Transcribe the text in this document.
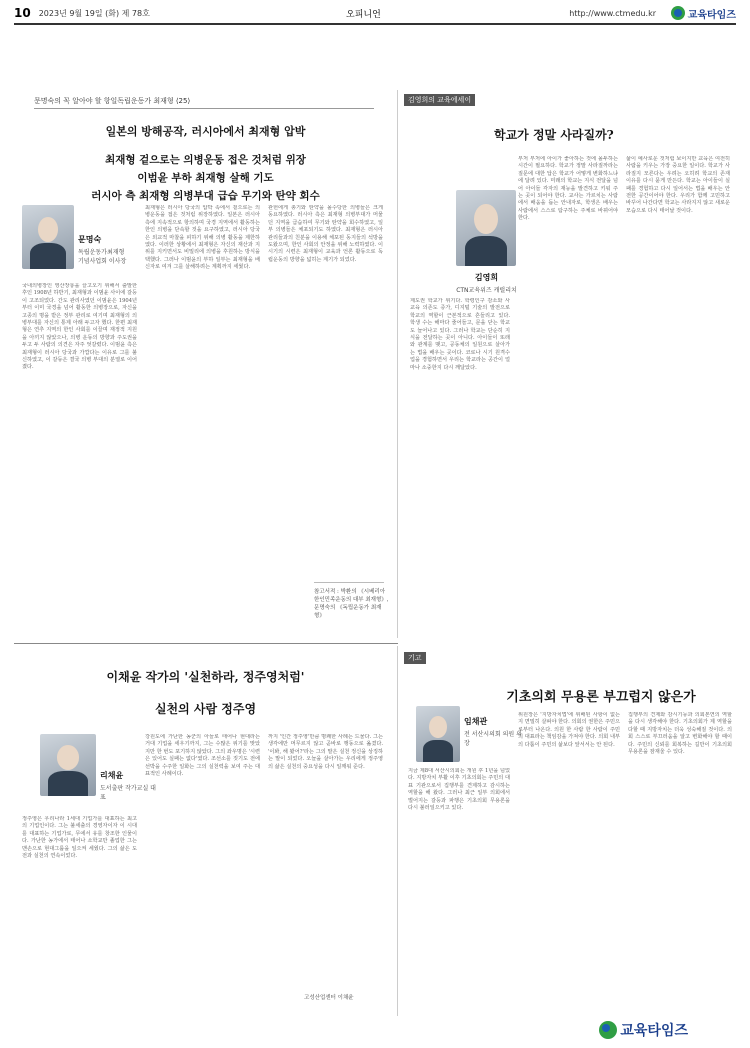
10 2023년 9월 19일 (화) 제 78호	오피니언	http://www.ctmedu.kr	교육타임즈
문명숙의 꼭 알아야 할 항일독립운동가 최재형 ⟨25⟩
일본의 방해공작, 러시아에서 최재형 압박
최재형 겉으로는 의병운동 접은 것처럼 위장
이범윤 부하 최재형 살해 기도
러시아 측 최재형 의병부대 급습 무기와 탄약 회수
문명숙
독립운동가최재형
기념사업회 이사장
국내의병장인 영산장룡을 끌고오기 위해서 출발한 후인 1908년 하반기, 최재형과 이범윤 사이에 갈등이 고조되었다. 간도 관리사였던 이범윤은 1904년 부터 이미 국경을 넘어 활동한 의병장으로, 자신을 고종의 명을 받은 정부 관리로 여기며 최재형의 의병부대를 자신의 통제 아래 두고자 했다. 한편 최재형은 연추 지역의 한인 사회를 이끌며 재정적 지원을 아끼지 않았으나, 의병 운동의 방향과 주도권을 두고 두 사람의 의견은 자주 엇갈렸다. 이범윤 측은 최재형이 러시아 당국과 가깝다는 이유로 그를 불신하였고, 이 갈등은 결국 의병 부대의 분열로 이어졌다.
최재형은 러시아 당국의 압박 속에서 겉으로는 의병운동을 접은 것처럼 위장하였다. 일본은 러시아 측에 지속적으로 항의하며 국경 지역에서 활동하는 한인 의병을 단속할 것을 요구하였고, 러시아 당국은 외교적 마찰을 피하기 위해 의병 활동을 제한하였다. 이러한 상황에서 최재형은 자신의 재산과 지위를 지키면서도 비밀리에 의병을 후원하는 방식을 택했다. 그러나 이범윤의 부하 일부는 최재형을 배신자로 여겨 그를 살해하려는 계획까지 세웠다.
관헌에게 총기와 탄약을 몰수당한 의병들은 크게 동요하였다. 러시아 측은 최재형 의병부대가 머물던 지역을 급습하여 무기와 탄약을 회수하였고, 일부 의병들은 체포되기도 하였다. 최재형은 러시아 관리들과의 친분을 이용해 체포된 동지들의 석방을 도왔으며, 한인 사회의 안정을 위해 노력하였다. 이 시기의 시련은 최재형이 교육과 언론 활동으로 독립운동의 방향을 넓히는 계기가 되었다.
참고서적 : 박환의 《시베리아 한인민족운동의 대부 최재형》, 문명숙의 《독립운동가 최재형》
김영희의 교육에세이
학교가 정말 사라질까?
김영희
CTN교육위즈 캐럴리치
제도권 학교가 위기다. 학령인구 감소와 사교육 의존도 증가, 디지털 기술의 발전으로 학교의 역할이 근본적으로 흔들리고 있다. 학생 수는 해마다 줄어들고, 문을 닫는 학교도 늘어나고 있다. 그러나 학교는 단순히 지식을 전달하는 곳이 아니다. 아이들이 또래와 관계를 맺고, 공동체의 일원으로 살아가는 법을 배우는 곳이다. 코로나 시기 원격수업을 경험하면서 우리는 학교라는 공간이 얼마나 소중한지 다시 깨달았다.
부처 부처에 아이가 좋아하는 것에 몰두하는 시간이 필요하다. 학교가 정말 사라질까라는 질문에 대한 답은 학교가 어떻게 변화하느냐에 달려 있다. 미래의 학교는 지식 전달을 넘어 아이들 각자의 재능을 발견하고 키워 주는 곳이 되어야 한다. 교사는 가르치는 사람에서 배움을 돕는 안내자로, 학생은 배우는 사람에서 스스로 탐구하는 주체로 바뀌어야 한다.
삶이 예사로운 것처럼 보이지만 교육은 여전히 사람을 키우는 가장 중요한 일이다. 학교가 사라질지 모른다는 우려는 오히려 학교의 존재 이유를 다시 묻게 만든다. 학교는 아이들이 실패를 경험하고 다시 일어서는 법을 배우는 안전한 공간이어야 한다. 우리가 함께 고민하고 바꾸어 나간다면 학교는 사라지지 않고 새로운 모습으로 다시 태어날 것이다.
이채윤 작가의 '실천하라, 정주영처럼'
실천의 사람 정주영
리채윤
도서출판 작가교실 대표
정주영은 우리나라 1세대 기업가를 대표하는 최고의 기업인이다. 그는 불세출의 경영자이자 이 시대를 대표하는 기업가로, 무에서 유를 창조한 인물이다. 가난한 농가에서 태어나 소학교만 졸업한 그는 맨손으로 현대그룹을 일으켜 세웠다. 그의 삶은 도전과 실천의 연속이었다.
강원도에 가난한 농군의 아들로 태어나 현대라는 거대 기업을 세우기까지, 그는 수많은 위기를 맞았지만 한 번도 포기하지 않았다. 그의 좌우명은 '시련은 있어도 실패는 없다'였다. 조선소를 짓기도 전에 선박을 수주한 일화는 그의 실천력을 보여 주는 대표적인 사례이다.
까지 '인간 정주영'만큼 명쾌한 사례는 드물다. 그는 생각에만 머무르지 않고 곧바로 행동으로 옮겼다. '이봐, 해 봤어?'라는 그의 말은 실천 정신을 상징하는 말이 되었다. 오늘을 살아가는 우리에게 정주영의 삶은 실천의 중요성을 다시 일깨워 준다.
고성산업센터 이채윤
기고
기초의회 무용론 부끄럽지 않은가
임채관
전 서산시의회 의원 의장
지금 제8대 서산시의회는 개원 후 1년을 넘었다. 지방자치 부활 이후 기초의회는 주민의 대표 기관으로서 집행부를 견제하고 감시하는 역할을 해 왔다. 그러나 최근 일부 의회에서 벌어지는 갈등과 파행은 기초의회 무용론을 다시 불러일으키고 있다.
위원장은 '지방자치법'에 위배된 사항이 없는지 면밀히 살펴야 한다. 의회의 권한은 주민으로부터 나온다. 의원 한 사람 한 사람이 주민의 대표라는 책임감을 가져야 한다. 의회 내부의 다툼이 주민의 삶보다 앞서서는 안 된다.
집행부의 견제와 감시기능과 의회본연의 역할을 다시 생각해야 한다. 기초의회가 제 역할을 다할 때 지방자치는 더욱 성숙해질 것이다. 의회 스스로 부끄러움을 알고 변화해야 할 때이다. 주민의 신뢰를 회복하는 길만이 기초의회 무용론을 잠재울 수 있다.
교육타임즈
